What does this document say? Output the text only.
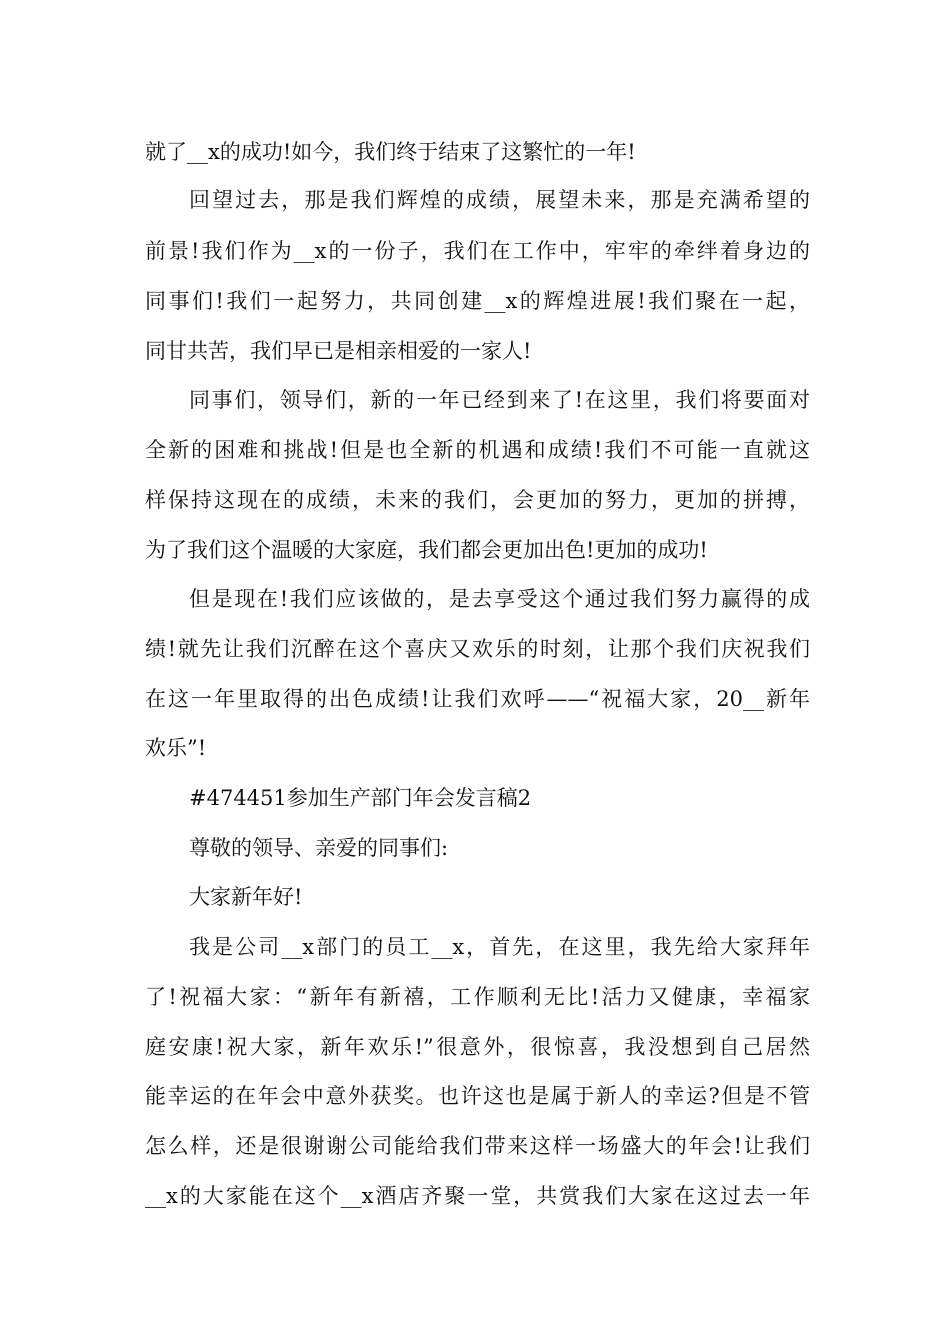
就了__x的成功!如今，我们终于结束了这繁忙的一年!
回望过去，那是我们辉煌的成绩，展望未来，那是充满希望的
前景!我们作为__x的一份子，我们在工作中，牢牢的牵绊着身边的
同事们!我们一起努力，共同创建__x的辉煌进展!我们聚在一起，
同甘共苦，我们早已是相亲相爱的一家人!
同事们，领导们，新的一年已经到来了!在这里，我们将要面对
全新的困难和挑战!但是也全新的机遇和成绩!我们不可能一直就这
样保持这现在的成绩，未来的我们，会更加的努力，更加的拼搏，
为了我们这个温暖的大家庭，我们都会更加出色!更加的成功!
但是现在!我们应该做的，是去享受这个通过我们努力赢得的成
绩!就先让我们沉醉在这个喜庆又欢乐的时刻，让那个我们庆祝我们
在这一年里取得的出色成绩!让我们欢呼——“祝福大家，20__新年
欢乐”!
#474451参加生产部门年会发言稿2
尊敬的领导、亲爱的同事们:
大家新年好!
我是公司__x部门的员工__x，首先，在这里，我先给大家拜年
了!祝福大家：“新年有新禧，工作顺利无比!活力又健康，幸福家
庭安康!祝大家，新年欢乐!”很意外，很惊喜，我没想到自己居然
能幸运的在年会中意外获奖。也许这也是属于新人的幸运?但是不管
怎么样，还是很谢谢公司能给我们带来这样一场盛大的年会!让我们
__x的大家能在这个__x酒店齐聚一堂，共赏我们大家在这过去一年
